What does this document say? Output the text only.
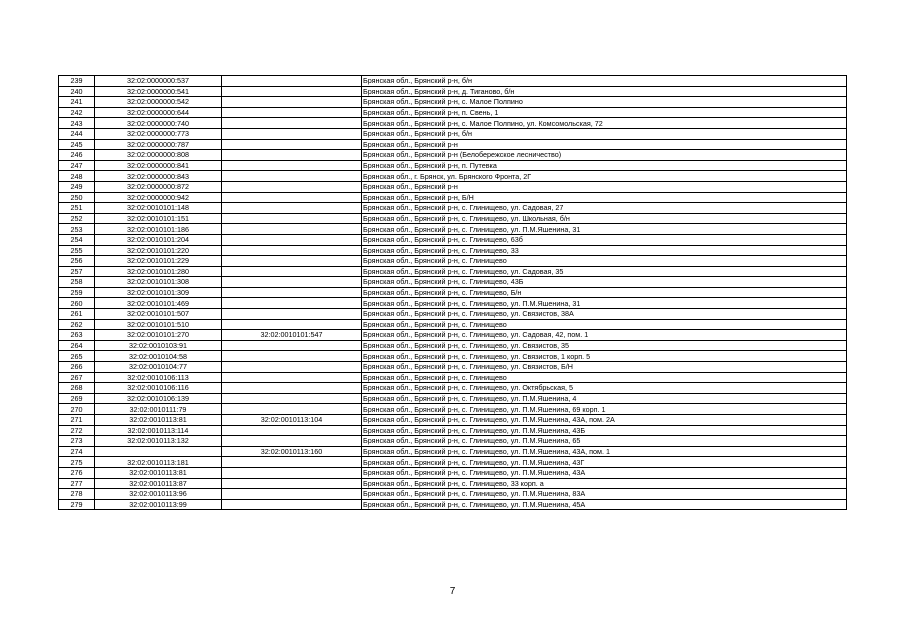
239	32:02:0000000:537		Брянская обл., Брянский р-н, б/н
240	32:02:0000000:541		Брянская обл., Брянский р-н, д. Тиганово, б/н
241	32:02:0000000:542		Брянская обл., Брянский р-н, с. Малое Полпино
242	32:02:0000000:644		Брянская обл., Брянский р-н, п. Свень, 1
243	32:02:0000000:740		Брянская обл., Брянский р-н, с. Малое Полпино, ул. Комсомольская, 72
244	32:02:0000000:773		Брянская обл., Брянский р-н, б/н
245	32:02:0000000:787		Брянская обл., Брянский р-н
246	32:02:0000000:808		Брянская обл., Брянский р-н (Белобережское лесничество)
247	32:02:0000000:841		Брянская обл., Брянский р-н, п. Путевка
248	32:02:0000000:843		Брянская обл., г. Брянск, ул. Брянского Фронта, 2Г
249	32:02:0000000:872		Брянская обл., Брянский р-н
250	32:02:0000000:942		Брянская обл., Брянский р-н, Б/Н
251	32:02:0010101:148		Брянская обл., Брянский р-н, с. Глинищево, ул. Садовая, 27
252	32:02:0010101:151		Брянская обл., Брянский р-н, с. Глинищево, ул. Школьная, б/н
253	32:02:0010101:186		Брянская обл., Брянский р-н, с. Глинищево, ул. П.М.Яшенина, 31
254	32:02:0010101:204		Брянская обл., Брянский р-н, с. Глинищево, 63б
255	32:02:0010101:220		Брянская обл., Брянский р-н, с. Глинищево, 33
256	32:02:0010101:229		Брянская обл., Брянский р-н, с. Глинищево
257	32:02:0010101:280		Брянская обл., Брянский р-н, с. Глинищево, ул. Садовая, 35
258	32:02:0010101:308		Брянская обл., Брянский р-н, с. Глинищево, 43Б
259	32:02:0010101:309		Брянская обл., Брянский р-н, с. Глинищево, Б/н
260	32:02:0010101:469		Брянская обл., Брянский р-н, с. Глинищево, ул. П.М.Яшенина, 31
261	32:02:0010101:507		Брянская обл., Брянский р-н, с. Глинищево, ул. Связистов, 38А
262	32:02:0010101:510		Брянская обл., Брянский р-н, с. Глинищево
263	32:02:0010101:270	32:02:0010101:547	Брянская обл., Брянский р-н, с. Глинищево, ул. Садовая, 42, пом. 1
264	32:02:0010103:91		Брянская обл., Брянский р-н, с. Глинищево, ул. Связистов, 35
265	32:02:0010104:58		Брянская обл., Брянский р-н, с. Глинищево, ул. Связистов, 1 корп. 5
266	32:02:0010104:77		Брянская обл., Брянский р-н, с. Глинищево, ул. Связистов, Б/Н
267	32:02:0010106:113		Брянская обл., Брянский р-н, с. Глинищево
268	32:02:0010106:116		Брянская обл., Брянский р-н, с. Глинищево, ул. Октябрьская, 5
269	32:02:0010106:139		Брянская обл., Брянский р-н, с. Глинищево, ул. П.М.Яшенина, 4
270	32:02:0010111:79		Брянская обл., Брянский р-н, с. Глинищево, ул. П.М.Яшенина, 69 корп. 1
271	32:02:0010113:81	32:02:0010113:104	Брянская обл., Брянский р-н, с. Глинищево, ул. П.М.Яшенина, 43А, пом. 2А
272	32:02:0010113:114		Брянская обл., Брянский р-н, с. Глинищево, ул. П.М.Яшенина, 43Б
273	32:02:0010113:132		Брянская обл., Брянский р-н, с. Глинищево, ул. П.М.Яшенина, 65
274		32:02:0010113:160	Брянская обл., Брянский р-н, с. Глинищево, ул. П.М.Яшенина, 43А, пом. 1
275	32:02:0010113:181		Брянская обл., Брянский р-н, с. Глинищево, ул. П.М.Яшенина, 43Г
276	32:02:0010113:81		Брянская обл., Брянский р-н, с. Глинищево, ул. П.М.Яшенина, 43А
277	32:02:0010113:87		Брянская обл., Брянский р-н, с. Глинищево, 33 корп. а
278	32:02:0010113:96		Брянская обл., Брянский р-н, с. Глинищево, ул. П.М.Яшенина, 83А
279	32:02:0010113:99		Брянская обл., Брянский р-н, с. Глинищево, ул. П.М.Яшенина, 45А
7
